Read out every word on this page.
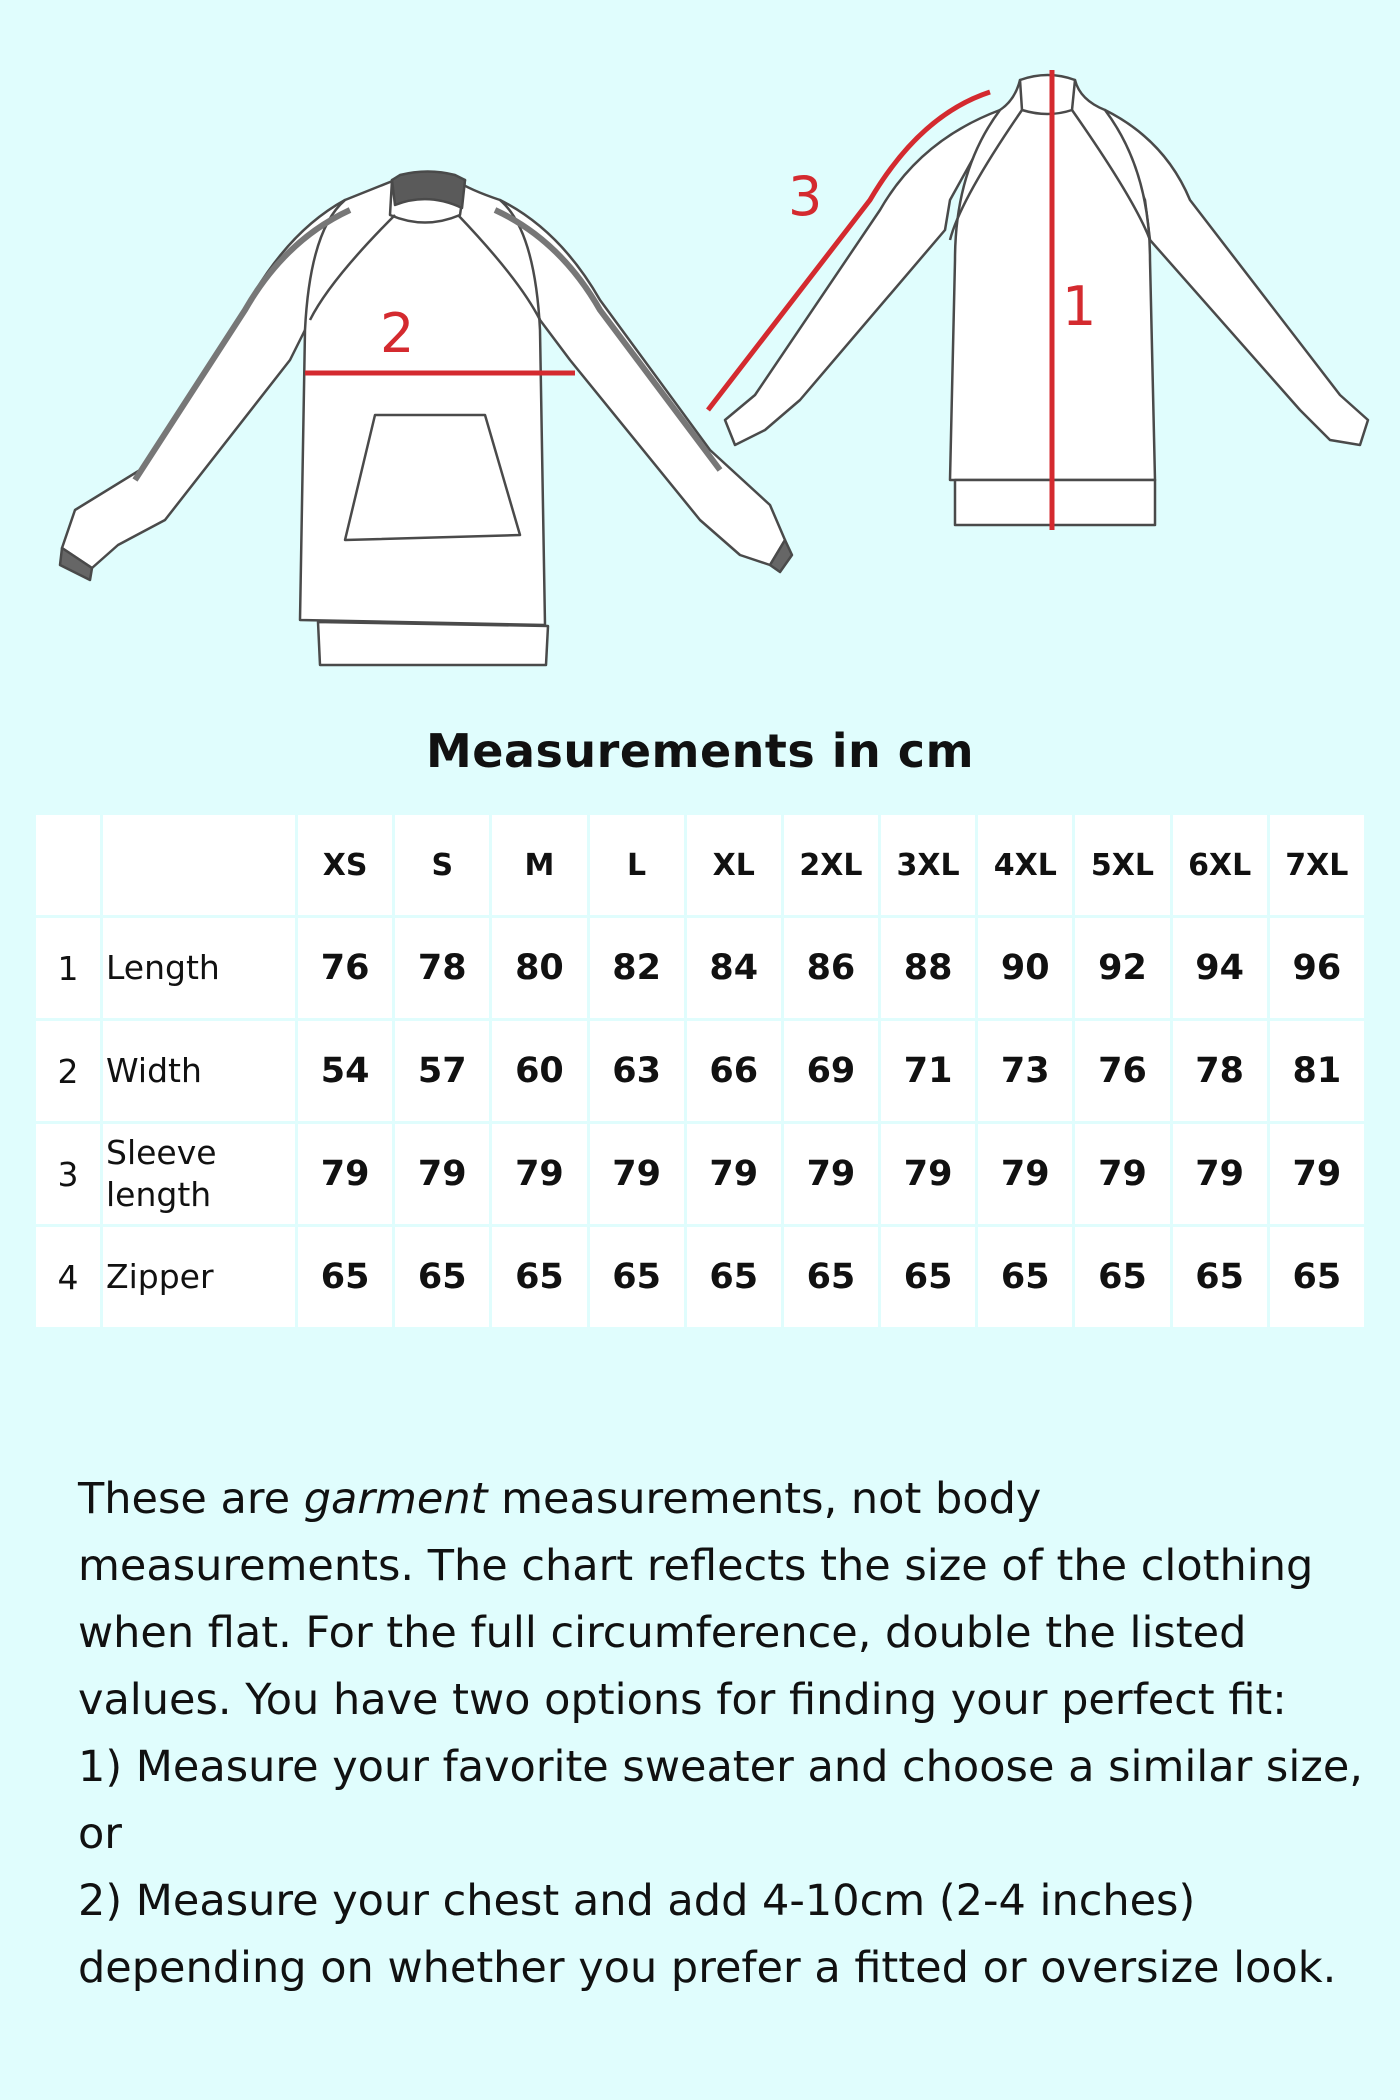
2	1
3
Measurements in cm
		XS	S	M	L	XL	2XL	3XL	4XL	5XL	6XL	7XL
1	Length	76	78	80	82	84	86	88	90	92	94	96
2	Width	54	57	60	63	66	69	71	73	76	78	81
3	Sleeve length	79	79	79	79	79	79	79	79	79	79	79
4	Zipper	65	65	65	65	65	65	65	65	65	65	65

These are garment measurements, not body measurements. The chart reflects the size of the clothing when flat. For the full circumference, double the listed values. You have two options for finding your perfect fit:

1) Measure your favorite sweater and choose a similar size, or

2) Measure your chest and add 4-10cm (2-4 inches) depending on whether you prefer a fitted or oversize look.
